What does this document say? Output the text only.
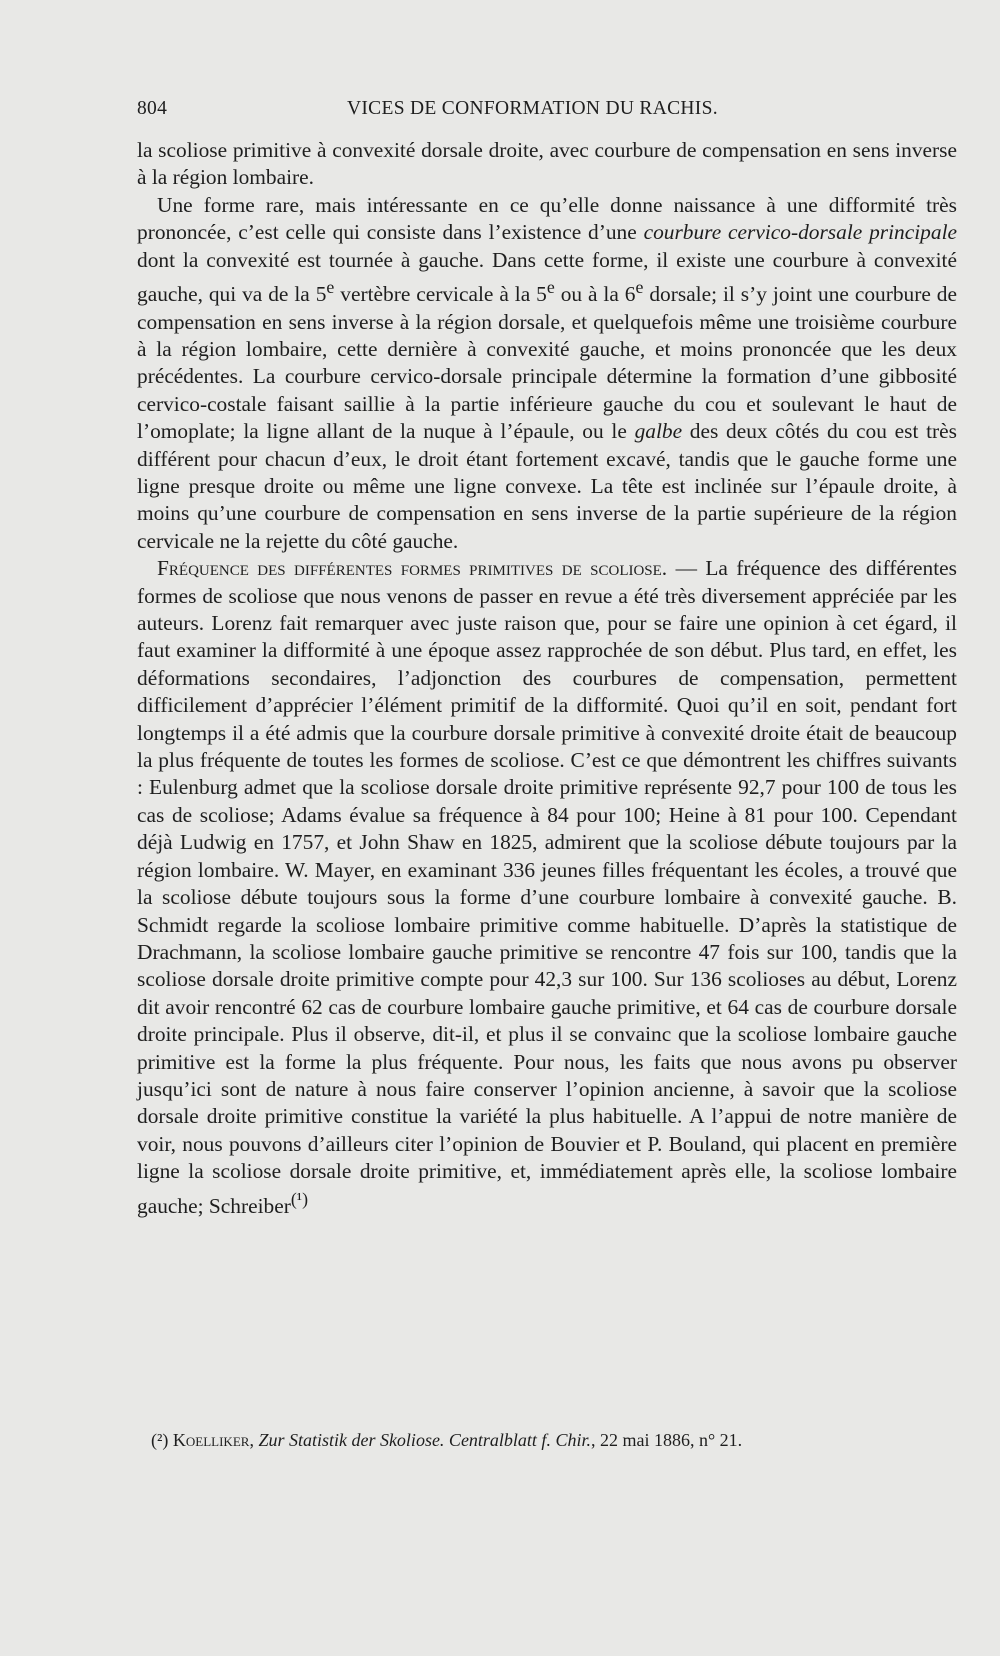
804	VICES DE CONFORMATION DU RACHIS.

la scoliose primitive à convexité dorsale droite, avec courbure de compensation en sens inverse à la région lombaire.

Une forme rare, mais intéressante en ce qu’elle donne naissance à une difformité très prononcée, c’est celle qui consiste dans l’existence d’une courbure cervico-dorsale principale dont la convexité est tournée à gauche. Dans cette forme, il existe une courbure à convexité gauche, qui va de la 5e vertèbre cervicale à la 5e ou à la 6e dorsale; il s’y joint une courbure de compensation en sens inverse à la région dorsale, et quelquefois même une troisième courbure à la région lombaire, cette dernière à convexité gauche, et moins prononcée que les deux précédentes. La courbure cervico-dorsale principale détermine la formation d’une gibbosité cervico-costale faisant saillie à la partie inférieure gauche du cou et soulevant le haut de l’omoplate; la ligne allant de la nuque à l’épaule, ou le galbe des deux côtés du cou est très différent pour chacun d’eux, le droit étant fortement excavé, tandis que le gauche forme une ligne presque droite ou même une ligne convexe. La tête est inclinée sur l’épaule droite, à moins qu’une courbure de compensation en sens inverse de la partie supérieure de la région cervicale ne la rejette du côté gauche.

Fréquence des différentes formes primitives de scoliose. — La fréquence des différentes formes de scoliose que nous venons de passer en revue a été très diversement appréciée par les auteurs. Lorenz fait remarquer avec juste raison que, pour se faire une opinion à cet égard, il faut examiner la difformité à une époque assez rapprochée de son début. Plus tard, en effet, les déformations secondaires, l’adjonction des courbures de compensation, permettent difficilement d’apprécier l’élément primitif de la difformité. Quoi qu’il en soit, pendant fort longtemps il a été admis que la courbure dorsale primitive à convexité droite était de beaucoup la plus fréquente de toutes les formes de scoliose. C’est ce que démontrent les chiffres suivants : Eulenburg admet que la scoliose dorsale droite primitive représente 92,7 pour 100 de tous les cas de scoliose; Adams évalue sa fréquence à 84 pour 100; Heine à 81 pour 100. Cependant déjà Ludwig en 1757, et John Shaw en 1825, admirent que la scoliose débute toujours par la région lombaire. W. Mayer, en examinant 336 jeunes filles fréquentant les écoles, a trouvé que la scoliose débute toujours sous la forme d’une courbure lombaire à convexité gauche. B. Schmidt regarde la scoliose lombaire primitive comme habituelle. D’après la statistique de Drachmann, la scoliose lombaire gauche primitive se rencontre 47 fois sur 100, tandis que la scoliose dorsale droite primitive compte pour 42,3 sur 100. Sur 136 scolioses au début, Lorenz dit avoir rencontré 62 cas de courbure lombaire gauche primitive, et 64 cas de courbure dorsale droite principale. Plus il observe, dit-il, et plus il se convainc que la scoliose lombaire gauche primitive est la forme la plus fréquente. Pour nous, les faits que nous avons pu observer jusqu’ici sont de nature à nous faire conserver l’opinion ancienne, à savoir que la scoliose dorsale droite primitive constitue la variété la plus habituelle. A l’appui de notre manière de voir, nous pouvons d’ailleurs citer l’opinion de Bouvier et P. Bouland, qui placent en première ligne la scoliose dorsale droite primitive, et, immédiatement après elle, la scoliose lombaire gauche; Schreiber$^{(^1)}$

(²) Koelliker, Zur Statistik der Skoliose. Centralblatt f. Chir., 22 mai 1886, n° 21.
